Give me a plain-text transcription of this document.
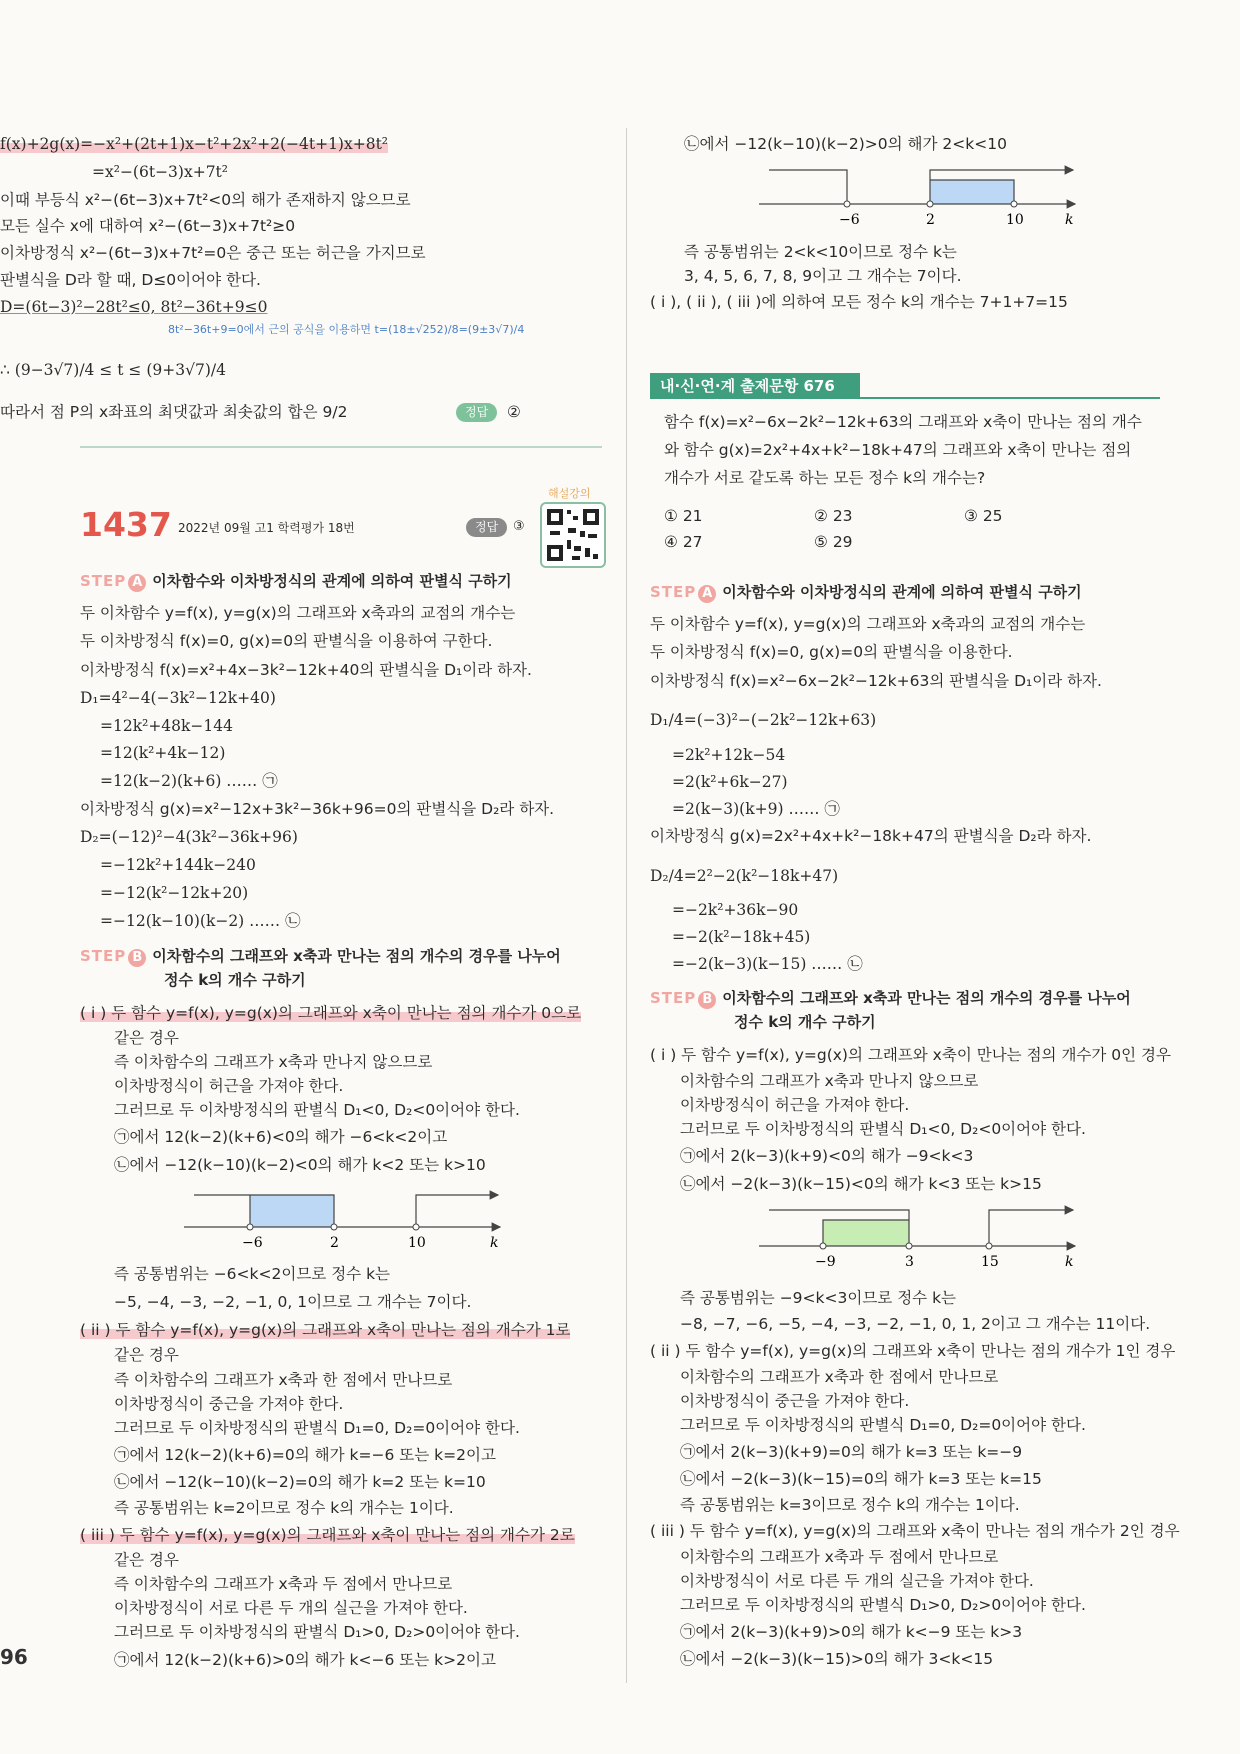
f(x)+2g(x)=−x²+(2t+1)x−t²+2x²+2(−4t+1)x+8t²
=x²−(6t−3)x+7t²
이때 부등식 x²−(6t−3)x+7t²<0의 해가 존재하지 않으므로
모든 실수 x에 대하여 x²−(6t−3)x+7t²≥0
이차방정식 x²−(6t−3)x+7t²=0은 중근 또는 허근을 가지므로
판별식을 D라 할 때, D≤0이어야 한다.
D=(6t−3)²−28t²≤0, 8t²−36t+9≤0
8t²−36t+9=0에서 근의 공식을 이용하면 t=(18±√252)/8=(9±3√7)/4
∴ (9−3√7)/4 ≤ t ≤ (9+3√7)/4
따라서 점 P의 x좌표의 최댓값과 최솟값의 합은 9/2	정답	②
1437 2022년 09월 고1 학력평가 18번	정답	③
해설강의
STEP A 이차함수와 이차방정식의 관계에 의하여 판별식 구하기
두 이차함수 y=f(x), y=g(x)의 그래프와 x축과의 교점의 개수는
두 이차방정식 f(x)=0, g(x)=0의 판별식을 이용하여 구한다.
이차방정식 f(x)=x²+4x−3k²−12k+40의 판별식을 D₁이라 하자.
D₁=4²−4(−3k²−12k+40)
=12k²+48k−144
=12(k²+4k−12)
=12(k−2)(k+6) …… ㉠
이차방정식 g(x)=x²−12x+3k²−36k+96=0의 판별식을 D₂라 하자.
D₂=(−12)²−4(3k²−36k+96)
=−12k²+144k−240
=−12(k²−12k+20)
=−12(k−10)(k−2) …… ㉡
STEP B 이차함수의 그래프와 x축과 만나는 점의 개수의 경우를 나누어
정수 k의 개수 구하기
( i ) 두 함수 y=f(x), y=g(x)의 그래프와 x축이 만나는 점의 개수가 0으로
같은 경우
즉 이차함수의 그래프가 x축과 만나지 않으므로
이차방정식이 허근을 가져야 한다.
그러므로 두 이차방정식의 판별식 D₁<0, D₂<0이어야 한다.
㉠에서 12(k−2)(k+6)<0의 해가 −6<k<2이고
㉡에서 −12(k−10)(k−2)<0의 해가 k<2 또는 k>10
−6	2	10	k
즉 공통범위는 −6<k<2이므로 정수 k는
−5, −4, −3, −2, −1, 0, 1이므로 그 개수는 7이다.
( ii ) 두 함수 y=f(x), y=g(x)의 그래프와 x축이 만나는 점의 개수가 1로
같은 경우
즉 이차함수의 그래프가 x축과 한 점에서 만나므로
이차방정식이 중근을 가져야 한다.
그러므로 두 이차방정식의 판별식 D₁=0, D₂=0이어야 한다.
㉠에서 12(k−2)(k+6)=0의 해가 k=−6 또는 k=2이고
㉡에서 −12(k−10)(k−2)=0의 해가 k=2 또는 k=10
즉 공통범위는 k=2이므로 정수 k의 개수는 1이다.
( iii ) 두 함수 y=f(x), y=g(x)의 그래프와 x축이 만나는 점의 개수가 2로
같은 경우
즉 이차함수의 그래프가 x축과 두 점에서 만나므로
이차방정식이 서로 다른 두 개의 실근을 가져야 한다.
그러므로 두 이차방정식의 판별식 D₁>0, D₂>0이어야 한다.
㉠에서 12(k−2)(k+6)>0의 해가 k<−6 또는 k>2이고
96
㉡에서 −12(k−10)(k−2)>0의 해가 2<k<10
−6	2	10	k
즉 공통범위는 2<k<10이므로 정수 k는
3, 4, 5, 6, 7, 8, 9이고 그 개수는 7이다.
( i ), ( ii ), ( iii )에 의하여 모든 정수 k의 개수는 7+1+7=15
내·신·연·계 출제문항 676
함수 f(x)=x²−6x−2k²−12k+63의 그래프와 x축이 만나는 점의 개수
와 함수 g(x)=2x²+4x+k²−18k+47의 그래프와 x축이 만나는 점의
개수가 서로 같도록 하는 모든 정수 k의 개수는?
① 21	② 23	③ 25
④ 27	⑤ 29
STEP A 이차함수와 이차방정식의 관계에 의하여 판별식 구하기
두 이차함수 y=f(x), y=g(x)의 그래프와 x축과의 교점의 개수는
두 이차방정식 f(x)=0, g(x)=0의 판별식을 이용한다.
이차방정식 f(x)=x²−6x−2k²−12k+63의 판별식을 D₁이라 하자.
D₁/4=(−3)²−(−2k²−12k+63)
=2k²+12k−54
=2(k²+6k−27)
=2(k−3)(k+9) …… ㉠
이차방정식 g(x)=2x²+4x+k²−18k+47의 판별식을 D₂라 하자.
D₂/4=2²−2(k²−18k+47)
=−2k²+36k−90
=−2(k²−18k+45)
=−2(k−3)(k−15) …… ㉡
STEP B 이차함수의 그래프와 x축과 만나는 점의 개수의 경우를 나누어
정수 k의 개수 구하기
( i ) 두 함수 y=f(x), y=g(x)의 그래프와 x축이 만나는 점의 개수가 0인 경우
이차함수의 그래프가 x축과 만나지 않으므로
이차방정식이 허근을 가져야 한다.
그러므로 두 이차방정식의 판별식 D₁<0, D₂<0이어야 한다.
㉠에서 2(k−3)(k+9)<0의 해가 −9<k<3
㉡에서 −2(k−3)(k−15)<0의 해가 k<3 또는 k>15
−9	3	15	k
즉 공통범위는 −9<k<3이므로 정수 k는
−8, −7, −6, −5, −4, −3, −2, −1, 0, 1, 2이고 그 개수는 11이다.
( ii ) 두 함수 y=f(x), y=g(x)의 그래프와 x축이 만나는 점의 개수가 1인 경우
이차함수의 그래프가 x축과 한 점에서 만나므로
이차방정식이 중근을 가져야 한다.
그러므로 두 이차방정식의 판별식 D₁=0, D₂=0이어야 한다.
㉠에서 2(k−3)(k+9)=0의 해가 k=3 또는 k=−9
㉡에서 −2(k−3)(k−15)=0의 해가 k=3 또는 k=15
즉 공통범위는 k=3이므로 정수 k의 개수는 1이다.
( iii ) 두 함수 y=f(x), y=g(x)의 그래프와 x축이 만나는 점의 개수가 2인 경우
이차함수의 그래프가 x축과 두 점에서 만나므로
이차방정식이 서로 다른 두 개의 실근을 가져야 한다.
그러므로 두 이차방정식의 판별식 D₁>0, D₂>0이어야 한다.
㉠에서 2(k−3)(k+9)>0의 해가 k<−9 또는 k>3
㉡에서 −2(k−3)(k−15)>0의 해가 3<k<15
